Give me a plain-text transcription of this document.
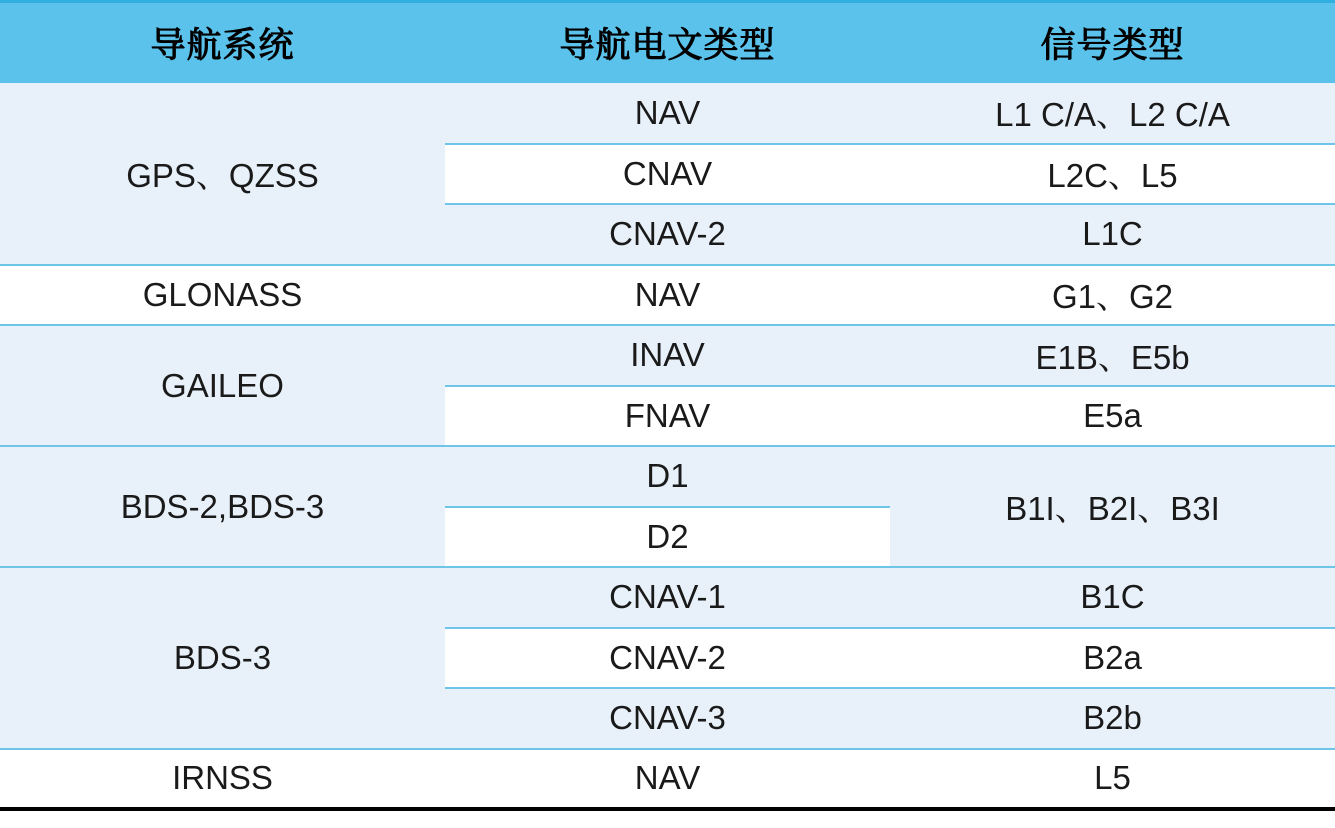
导航系统	导航电文类型	信号类型
GPS、QZSS	NAV	L1 C/A、L2 C/A
	CNAV	L2C、L5
	CNAV-2	L1C
GLONASS	NAV	G1、G2
GAILEO	INAV	E1B、E5b
	FNAV	E5a
BDS-2,BDS-3	D1	B1I、B2I、B3I
	D2	
BDS-3	CNAV-1	B1C
	CNAV-2	B2a
	CNAV-3	B2b
IRNSS	NAV	L5
